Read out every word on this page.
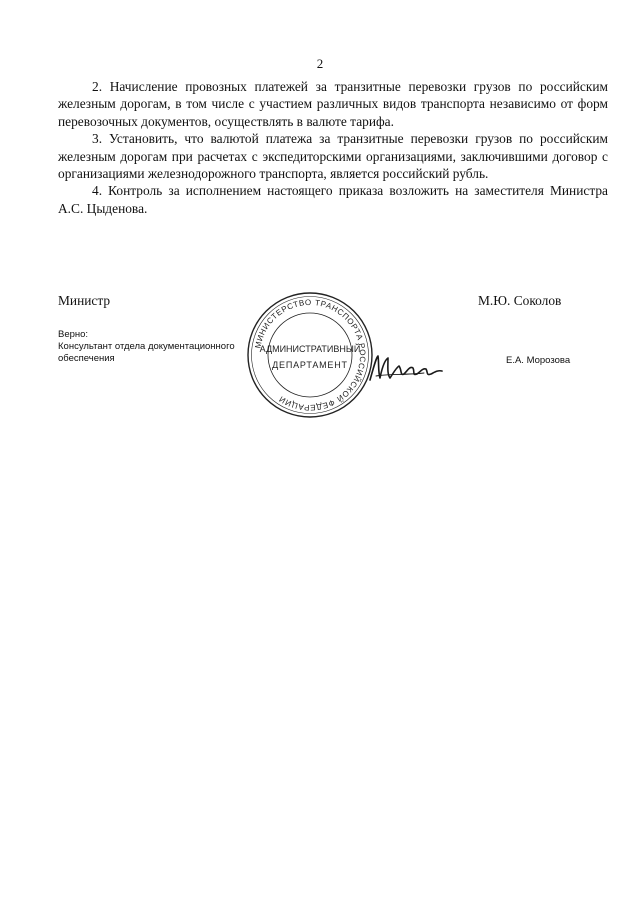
2

2. Начисление провозных платежей за транзитные перевозки грузов по российским железным дорогам, в том числе с участием различных видов транспорта независимо от форм перевозочных документов, осуществлять в валюте тарифа.

3. Установить, что валютой платежа за транзитные перевозки грузов по российским железным дорогам при расчетах с экспедиторскими организациями, заключившими договор с организациями железнодорожного транспорта, является российский рубль.

4. Контроль за исполнением настоящего приказа возложить на заместителя Министра А.С. Цыденова.

Министр	М.Ю. Соколов
Верно:
Консультант отдела документационного обеспечения	Е.А. Морозова
МИНИСТЕРСТВО ТРАНСПОРТА РОССИЙСКОЙ ФЕДЕРАЦИИ
АДМИНИСТРАТИВНЫЙ
ДЕПАРТАМЕНТ
